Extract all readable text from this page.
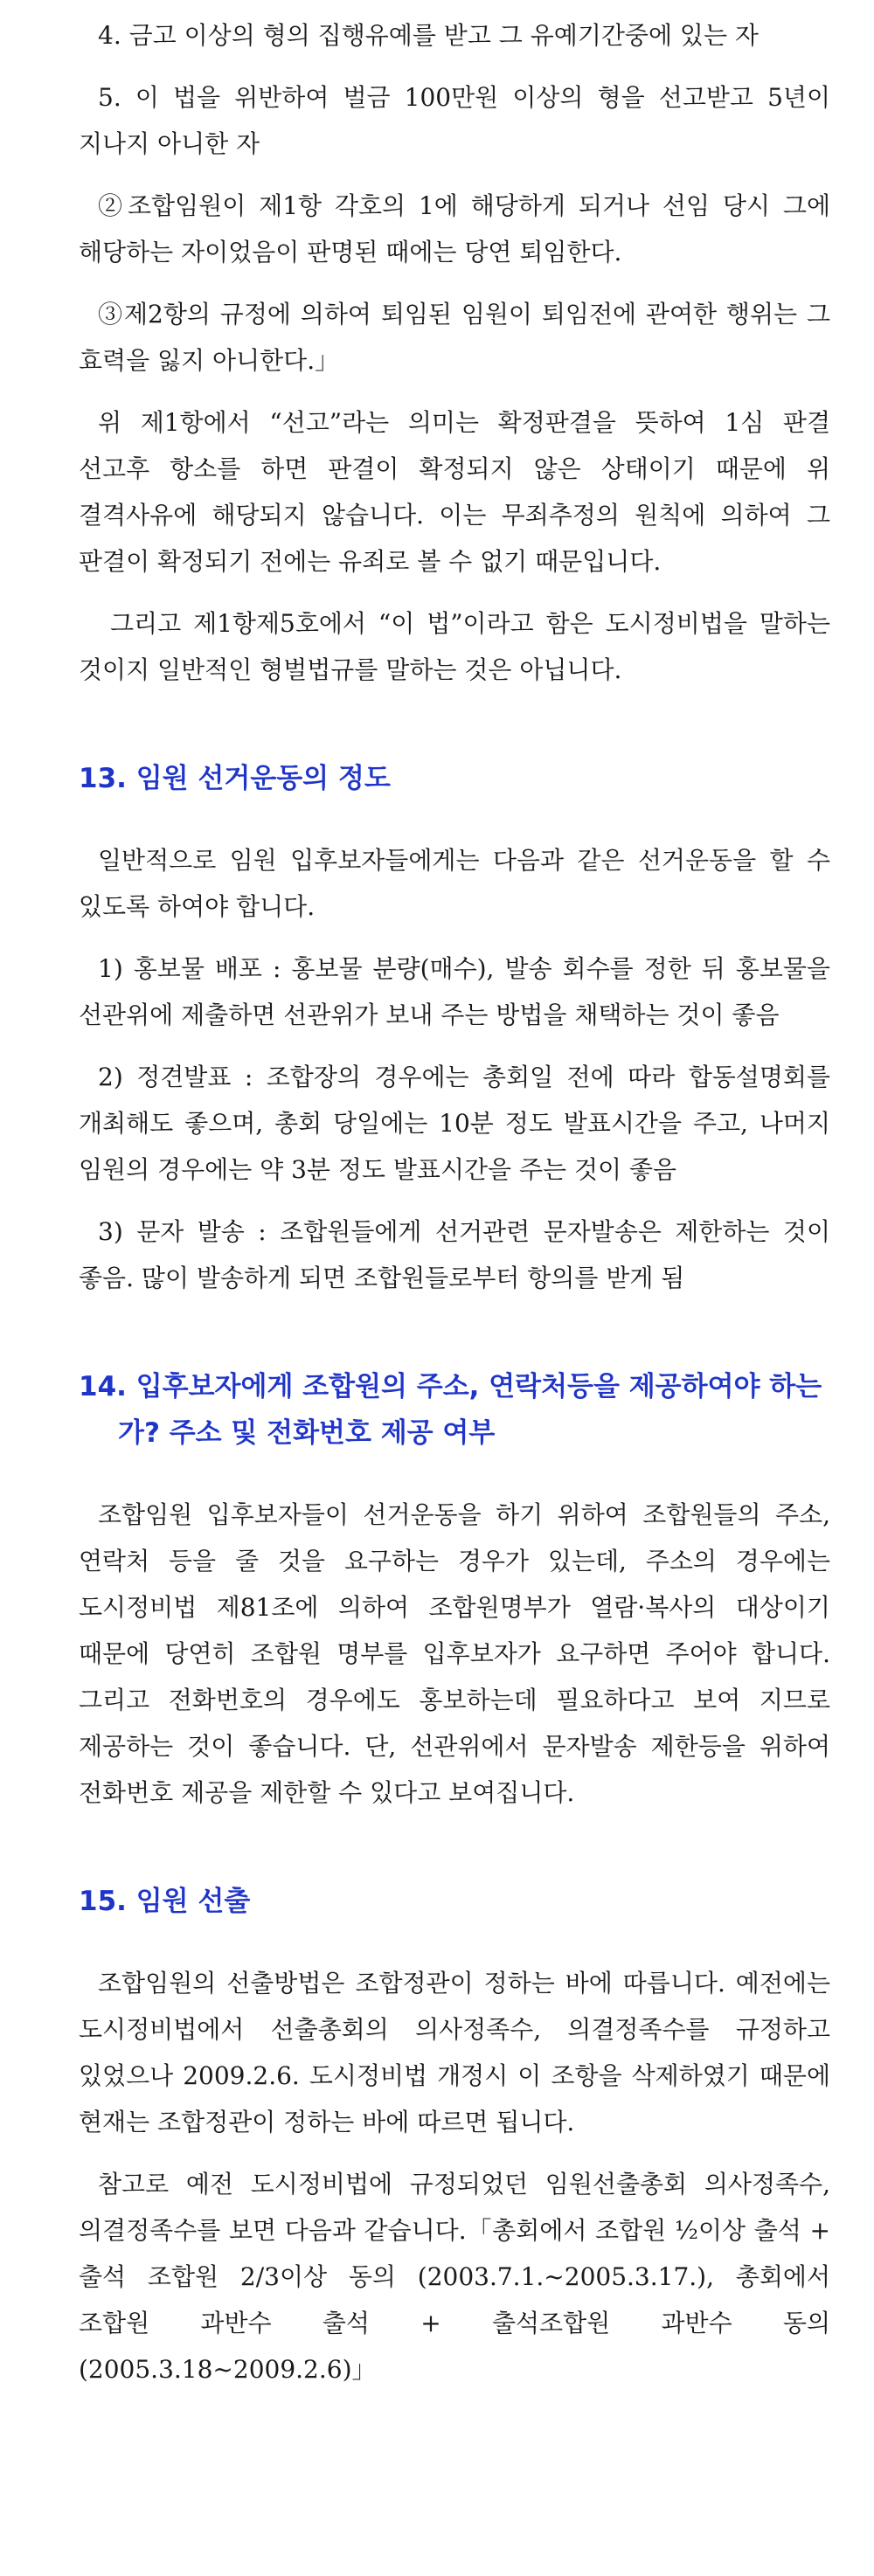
4. 금고 이상의 형의 집행유예를 받고 그 유예기간중에 있는 자

5. 이 법을 위반하여 벌금 100만원 이상의 형을 선고받고 5년이 지나지 아니한 자

②조합임원이 제1항 각호의 1에 해당하게 되거나 선임 당시 그에 해당하는 자이었음이 판명된 때에는 당연 퇴임한다.

③제2항의 규정에 의하여 퇴임된 임원이 퇴임전에 관여한 행위는 그 효력을 잃지 아니한다.」

위 제1항에서 “선고”라는 의미는 확정판결을 뜻하여 1심 판결 선고후 항소를 하면 판결이 확정되지 않은 상태이기 때문에 위 결격사유에 해당되지 않습니다. 이는 무죄추정의 원칙에 의하여 그 판결이 확정되기 전에는 유죄로 볼 수 없기 때문입니다.

그리고 제1항제5호에서 “이 법”이라고 함은 도시정비법을 말하는 것이지 일반적인 형벌법규를 말하는 것은 아닙니다.

13. 임원 선거운동의 정도

일반적으로 임원 입후보자들에게는 다음과 같은 선거운동을 할 수 있도록 하여야 합니다.

1) 홍보물 배포 : 홍보물 분량(매수), 발송 회수를 정한 뒤 홍보물을 선관위에 제출하면 선관위가 보내 주는 방법을 채택하는 것이 좋음

2) 정견발표 : 조합장의 경우에는 총회일 전에 따라 합동설명회를 개최해도 좋으며, 총회 당일에는 10분 정도 발표시간을 주고, 나머지 임원의 경우에는 약 3분 정도 발표시간을 주는 것이 좋음

3) 문자 발송 : 조합원들에게 선거관련 문자발송은 제한하는 것이 좋음. 많이 발송하게 되면 조합원들로부터 항의를 받게 됨

14. 입후보자에게 조합원의 주소, 연락처등을 제공하여야 하는가? 주소 및 전화번호 제공 여부

조합임원 입후보자들이 선거운동을 하기 위하여 조합원들의 주소, 연락처 등을 줄 것을 요구하는 경우가 있는데, 주소의 경우에는 도시정비법 제81조에 의하여 조합원명부가 열람·복사의 대상이기 때문에 당연히 조합원 명부를 입후보자가 요구하면 주어야 합니다. 그리고 전화번호의 경우에도 홍보하는데 필요하다고 보여 지므로 제공하는 것이 좋습니다. 단, 선관위에서 문자발송 제한등을 위하여 전화번호 제공을 제한할 수 있다고 보여집니다.

15. 임원 선출

조합임원의 선출방법은 조합정관이 정하는 바에 따릅니다. 예전에는 도시정비법에서 선출총회의 의사정족수, 의결정족수를 규정하고 있었으나 2009.2.6. 도시정비법 개정시 이 조항을 삭제하였기 때문에 현재는 조합정관이 정하는 바에 따르면 됩니다.

참고로 예전 도시정비법에 규정되었던 임원선출총회 의사정족수, 의결정족수를 보면 다음과 같습니다.「총회에서 조합원 ½이상 출석 + 출석 조합원 2/3이상 동의 (2003.7.1.~2005.3.17.), 총회에서 조합원 과반수 출석 + 출석조합원 과반수 동의 (2005.3.18~2009.2.6)」
